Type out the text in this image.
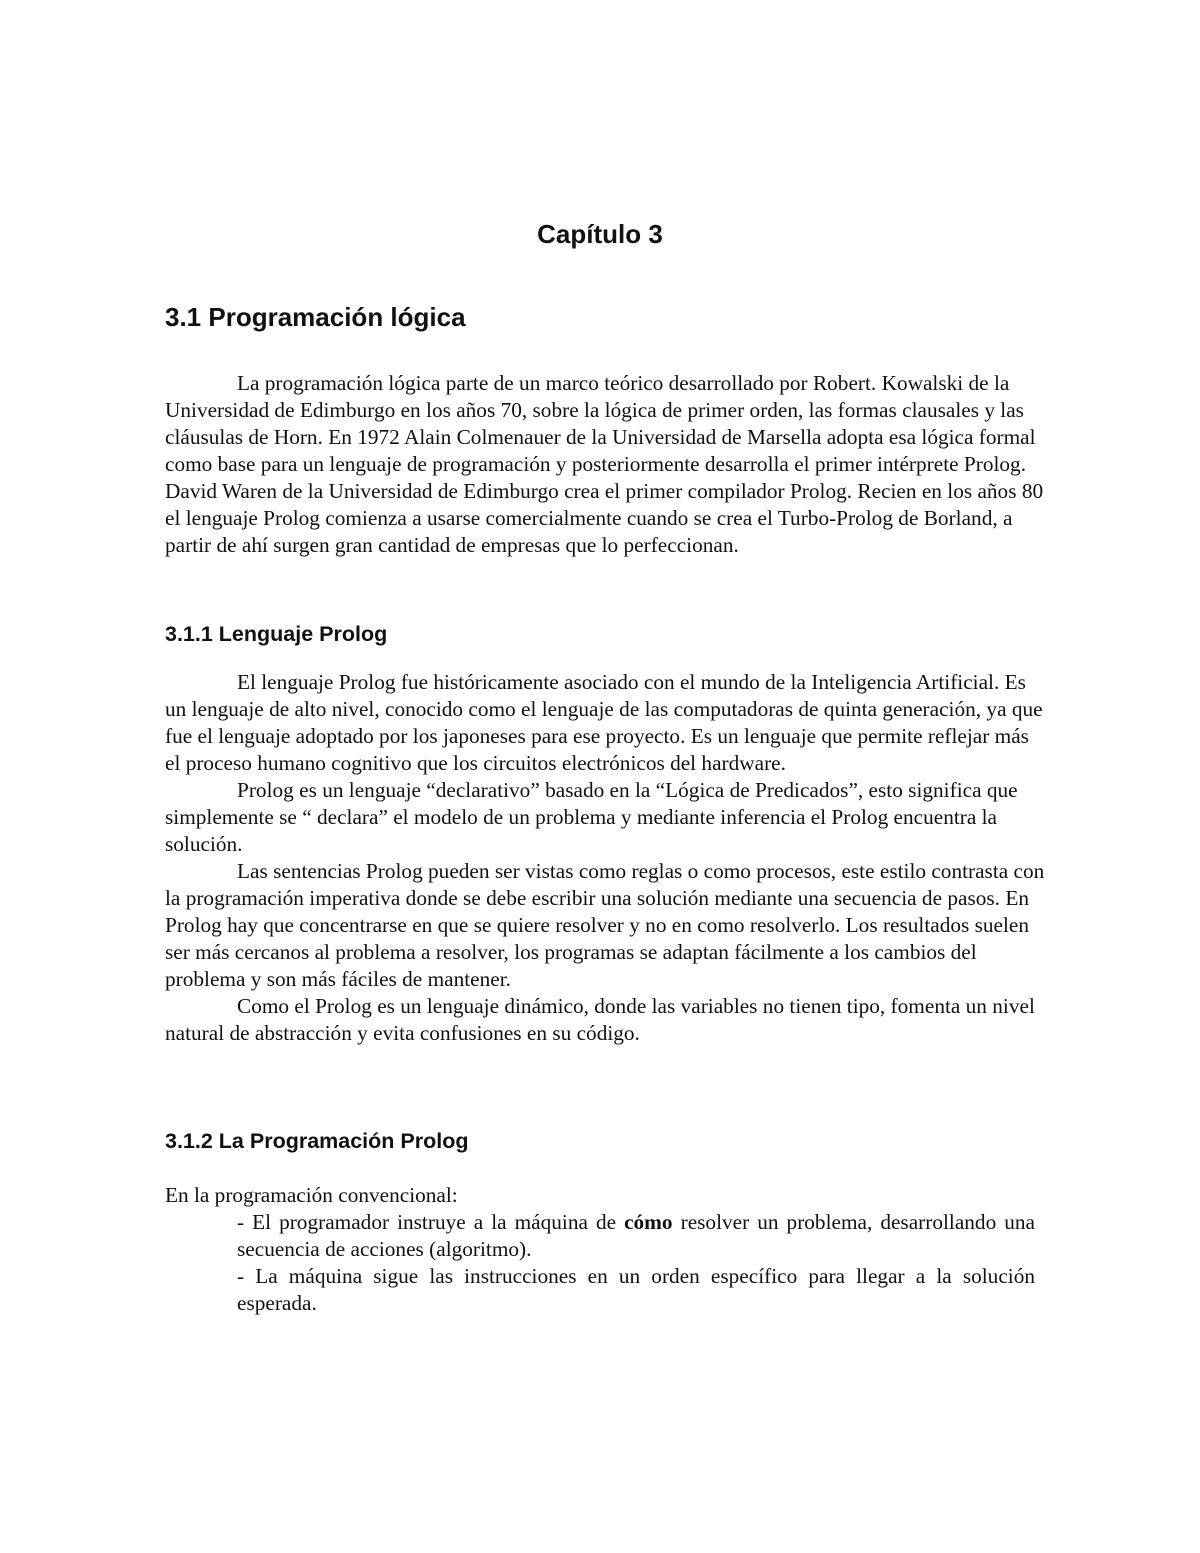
Capítulo 3
3.1 Programación lógica

La programación lógica parte de un marco teórico desarrollado por Robert. Kowalski de la Universidad de Edimburgo en los años 70, sobre la lógica de primer orden, las formas clausales y las cláusulas de Horn. En 1972 Alain Colmenauer de la Universidad de Marsella adopta esa lógica formal como base para un lenguaje de programación y posteriormente desarrolla el primer intérprete Prolog. David Waren de la Universidad de Edimburgo crea el primer compilador Prolog. Recien en los años 80 el lenguaje Prolog comienza a usarse comercialmente cuando se crea el Turbo-Prolog de Borland, a partir de ahí surgen gran cantidad de empresas que lo perfeccionan.

3.1.1 Lenguaje Prolog

El lenguaje Prolog fue históricamente asociado con el mundo de la Inteligencia Artificial. Es un lenguaje de alto nivel, conocido como el lenguaje de las computadoras de quinta generación, ya que fue el lenguaje adoptado por los japoneses para ese proyecto. Es un lenguaje que permite reflejar más el proceso humano cognitivo que los circuitos electrónicos del hardware.

Prolog es un lenguaje “declarativo” basado en la “Lógica de Predicados”, esto significa que simplemente se “ declara” el modelo de un problema y mediante inferencia el Prolog encuentra la solución.

Las sentencias Prolog pueden ser vistas como reglas o como procesos, este estilo contrasta con la programación imperativa donde se debe escribir una solución mediante una secuencia de pasos. En Prolog hay que concentrarse en que se quiere resolver y no en como resolverlo. Los resultados suelen ser más cercanos al problema a resolver, los programas se adaptan fácilmente a los cambios del problema y son más fáciles de mantener.

Como el Prolog es un lenguaje dinámico, donde las variables no tienen tipo, fomenta un nivel natural de abstracción y evita confusiones en su código.

3.1.2 La Programación Prolog
En la programación convencional:

- El programador instruye a la máquina de cómo resolver un problema, desarrollando una secuencia de acciones (algoritmo).

- La máquina sigue las instrucciones en un orden específico para llegar a la solución esperada.
